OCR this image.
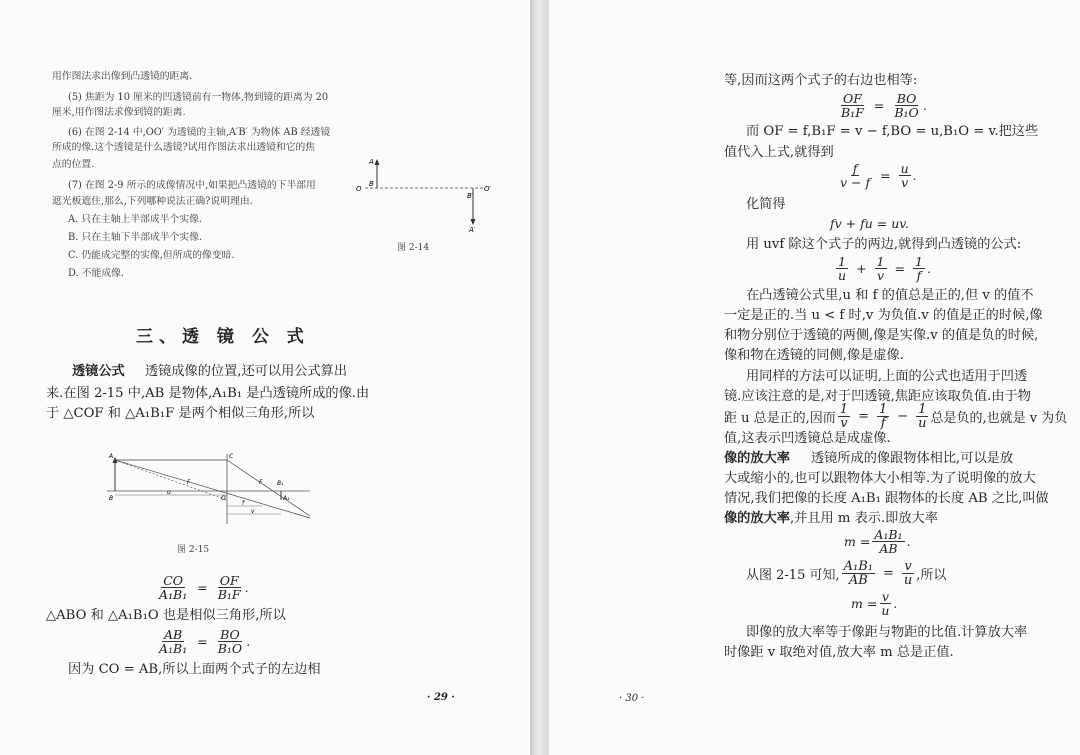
用作图法求出像到凸透镜的距离.
(5) 焦距为 10 厘米的凹透镜前有一物体,物到镜的距离为 20
厘米,用作图法求像到镜的距离.
(6) 在图 2-14 中,OO′ 为透镜的主轴,A′B′ 为物体 AB 经透镜
所成的像.这个透镜是什么透镜?试用作图法求出透镜和它的焦
点的位置.
(7) 在图 2-9 所示的成像情况中,如果把凸透镜的下半部用
遮光板遮住,那么,下列哪种说法正确?说明理由.
A. 只在主轴上半部成半个实像.
B. 只在主轴下半部成半个实像.
C. 仍能成完整的实像,但所成的像变暗.
D. 不能成像.
A
B
O	O′
B′
A′
图 2-14
三、透 镜 公 式
透镜公式 透镜成像的位置,还可以用公式算出
来.在图 2-15 中,AB 是物体,A₁B₁ 是凸透镜所成的像.由
于 △COF 和 △A₁B₁F 是两个相似三角形,所以
A
B
C
F
O
F B₁
A₁
u
f
v
图 2-15
$\frac{CO}{\text{A₁B₁}} = \frac{OF}{\text{B₁F}}$ .
△ABO 和 △A₁B₁O 也是相似三角形,所以
$\frac{AB}{\text{A₁B₁}} = \frac{BO}{\text{B₁O}}$ .
因为 CO = AB,所以上面两个式子的左边相
· 29 ·
等,因而这两个式子的右边也相等:
$\frac{OF}{\text{B₁F}} = \frac{BO}{\text{B₁O}}$ .
而 OF = f,B₁F = v − f,BO = u,B₁O = v.把这些
值代入上式,就得到
$\frac{f}{v - f} = \frac{u}{v}$ .
化简得
fv + fu = uv.
用 uvf 除这个式子的两边,就得到凸透镜的公式:
$\frac{1}{u} + \frac{1}{v} = \frac{1}{f}$ .
在凸透镜公式里,u 和 f 的值总是正的,但 v 的值不
一定是正的.当 u < f 时,v 为负值.v 的值是正的时候,像
和物分别位于透镜的两侧,像是实像.v 的值是负的时候,
像和物在透镜的同侧,像是虚像.
用同样的方法可以证明,上面的公式也适用于凹透
镜.应该注意的是,对于凹透镜,焦距应该取负值.由于物
距 u 总是正的,因而 $\frac{1}{v} = \frac{1}{f} - \frac{1}{u}$ 总是负的,也就是 v 为负
值,这表示凹透镜总是成虚像.
像的放大率 透镜所成的像跟物体相比,可以是放
大或缩小的,也可以跟物体大小相等.为了说明像的放大
情况,我们把像的长度 A₁B₁ 跟物体的长度 AB 之比,叫做
像的放大率,并且用 m 表示.即放大率
$m = \frac{\text{A₁B₁}}{AB}$ .
从图 2-15 可知, $\frac{\text{A₁B₁}}{AB} = \frac{v}{u}$ ,所以
$m = \frac{v}{u}$ .
即像的放大率等于像距与物距的比值.计算放大率
时像距 v 取绝对值,放大率 m 总是正值.
· 30 ·
